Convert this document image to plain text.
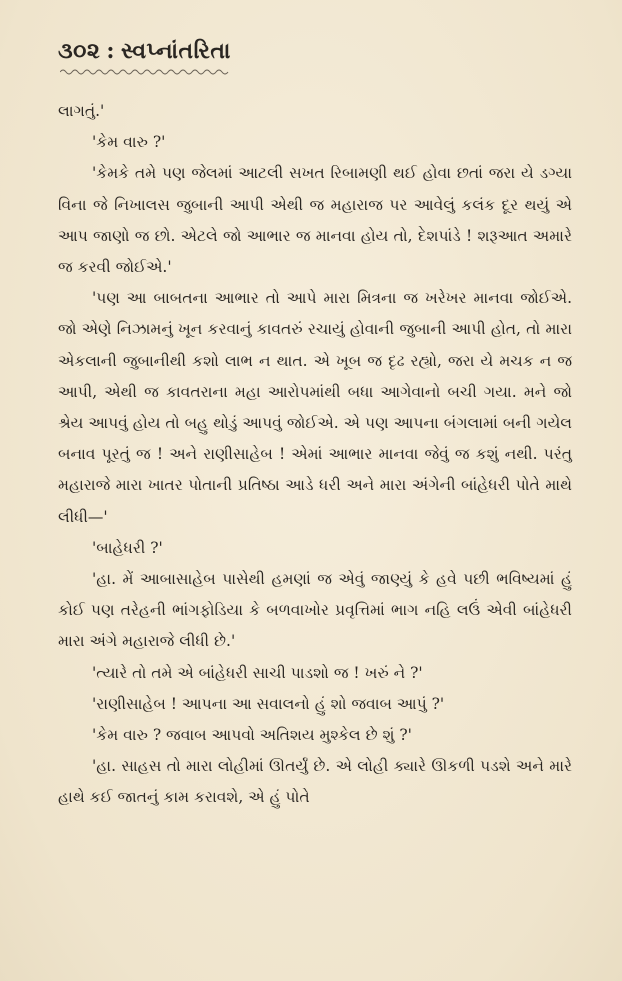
૩૦૨ : સ્વપ્નાંતરિતા

લાગતું.'

'કેમ વારુ ?'

'કેમકે તમે પણ જેલમાં આટલી સખત રિબામણી થઈ હોવા છતાં જરા યે ડગ્યા વિના જે નિખાલસ જુબાની આપી એથી જ મહારાજ પર આવેલું કલંક દૂર થયું એ આપ જાણો જ છો. એટલે જો આભાર જ માનવા હોય તો, દેશપાંડે ! શરૂઆત અમારે જ કરવી જોઈએ.'

'પણ આ બાબતના આભાર તો આપે મારા મિત્રના જ ખરેખર માનવા જોઈએ. જો એણે નિઝામનું ખૂન કરવાનું કાવતરું રચાયું હોવાની જુબાની આપી હોત, તો મારા એકલાની જુબાનીથી કશો લાભ ન થાત. એ ખૂબ જ દૃઢ રહ્યો, જરા યે મચક ન જ આપી, એથી જ કાવતરાના મહા આરોપમાંથી બધા આગેવાનો બચી ગયા. મને જો શ્રેય આપવું હોય તો બહુ થોડું આપવું જોઈએ. એ પણ આપના બંગલામાં બની ગયેલ બનાવ પૂરતું જ ! અને રાણીસાહેબ ! એમાં આભાર માનવા જેવું જ કશું નથી. પરંતુ મહારાજે મારા ખાતર પોતાની પ્રતિષ્ઠા આડે ધરી અને મારા અંગેની બાંહેધરી પોતે માથે લીધી—'

'બાહેધરી ?'

'હા. મેં આબાસાહેબ પાસેથી હમણાં જ એવું જાણ્યું કે હવે પછી ભવિષ્યમાં હું કોઈ પણ તરેહની ભાંગફોડિયા કે બળવાખોર પ્રવૃત્તિમાં ભાગ નહિ લઉં એવી બાંહેધરી મારા અંગે મહારાજે લીધી છે.'

'ત્યારે તો તમે એ બાંહેધરી સાચી પાડશો જ ! ખરું ને ?'

'રાણીસાહેબ ! આપના આ સવાલનો હું શો જવાબ આપું ?'

'કેમ વારુ ? જવાબ આપવો અતિશય મુશ્કેલ છે શું ?'

'હા. સાહસ તો મારા લોહીમાં ઊતર્યું છે. એ લોહી ક્યારે ઊકળી પડશે અને મારે હાથે કઈ જાતનું કામ કરાવશે, એ હું પોતે
